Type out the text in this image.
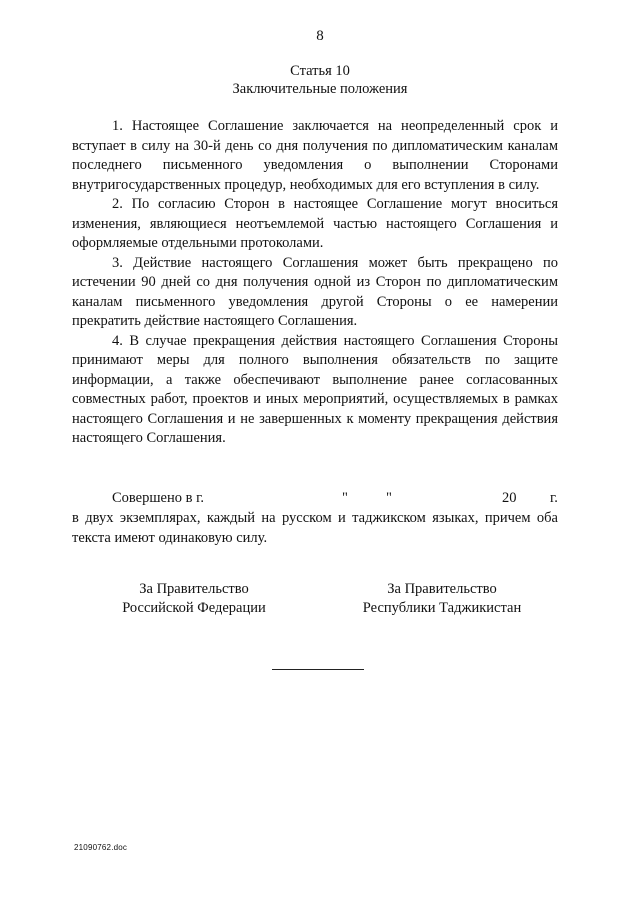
8
Статья 10
Заключительные положения

1. Настоящее Соглашение заключается на неопределенный срок и вступает в силу на 30-й день со дня получения по дипломатическим каналам последнего письменного уведомления о выполнении Сторонами внутригосударственных процедур, необходимых для его вступления в силу.

2. По согласию Сторон в настоящее Соглашение могут вноситься изменения, являющиеся неотъемлемой частью настоящего Соглашения и оформляемые отдельными протоколами.

3. Действие настоящего Соглашения может быть прекращено по истечении 90 дней со дня получения одной из Сторон по дипломатическим каналам письменного уведомления другой Стороны о ее намерении прекратить действие настоящего Соглашения.

4. В случае прекращения действия настоящего Соглашения Стороны принимают меры для полного выполнения обязательств по защите информации, а также обеспечивают выполнение ранее согласованных совместных работ, проектов и иных мероприятий, осуществляемых в рамках настоящего Соглашения и не завершенных к моменту прекращения действия настоящего Соглашения.

Совершено в г.	"	"	20 г.

в двух экземплярах, каждый на русском и таджикском языках, причем оба текста имеют одинаковую силу.

За Правительство
Российской Федерации
За Правительство
Республики Таджикистан
21090762.doc
